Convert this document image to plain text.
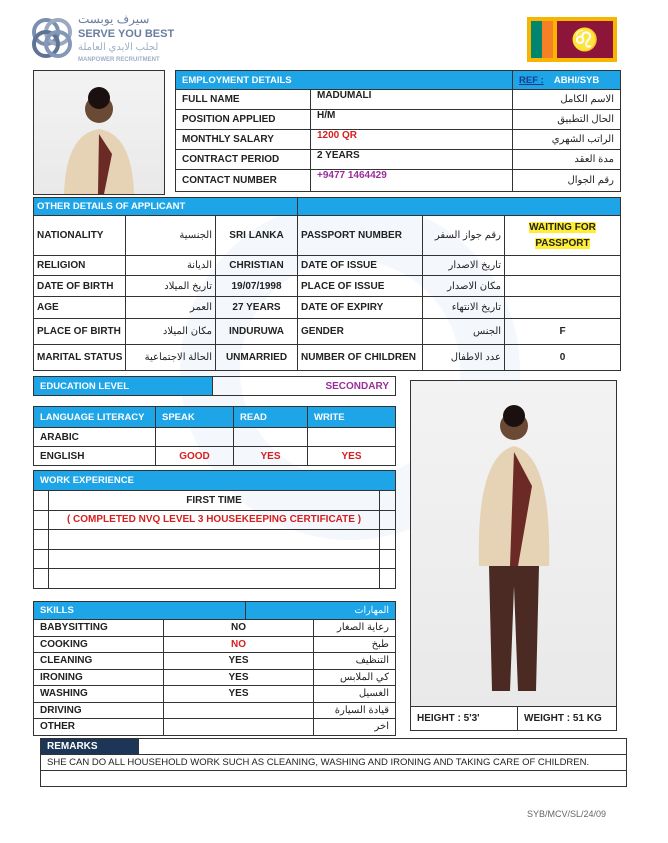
سيرف يوبست
SERVE YOU BEST
لجلب الايدي العاملة
MANPOWER RECRUITMENT
♌
EMPLOYMENT DETAILS		REF : ABHI/SYB
FULL NAME	MADUMALI	الاسم الكامل
POSITION APPLIED	H/M	الحال التطبيق
MONTHLY SALARY	1200 QR	الراتب الشهري
CONTRACT PERIOD	2 YEARS	مدة العقد
CONTACT NUMBER	+9477 1464429	رقم الجوال
OTHER DETAILS OF APPLICANT					
NATIONALITY	الجنسية	SRI LANKA	PASSPORT NUMBER	رقم جواز السفر	WAITING FOR PASSPORT
RELIGION	الديانة	CHRISTIAN	DATE OF ISSUE	تاريخ الاصدار	
DATE OF BIRTH	تاريخ الميلاد	19/07/1998	PLACE OF ISSUE	مكان الاصدار	
AGE	العمر	27 YEARS	DATE OF EXPIRY	تاريخ الانتهاء	
PLACE OF BIRTH	مكان الميلاد	INDURUWA	GENDER	الجنس	F
MARITAL STATUS	الحالة الاجتماعية	UNMARRIED	NUMBER OF CHILDREN	عدد الاطفال	0
EDUCATION LEVEL	SECONDARY
LANGUAGE LITERACY	SPEAK	READ	WRITE
ARABIC			
ENGLISH	GOOD	YES	YES
WORK EXPERIENCE		
	FIRST TIME	
	( COMPLETED NVQ LEVEL 3 HOUSEKEEPING CERTIFICATE )	

SKILLS		المهارات	
BABYSITTING	NO		رعاية الصغار
COOKING	NO		طبخ
CLEANING	YES		التنظيف
IRONING	YES		كي الملابس
WASHING	YES		الغسيل
DRIVING			قيادة السيارة
OTHER			اخر
HEIGHT : 5'3'	WEIGHT : 51 KG
REMARKS	
SHE CAN DO ALL HOUSEHOLD WORK SUCH AS CLEANING, WASHING AND IRONING AND TAKING CARE OF CHILDREN.

SYB/MCV/SL/24/09
